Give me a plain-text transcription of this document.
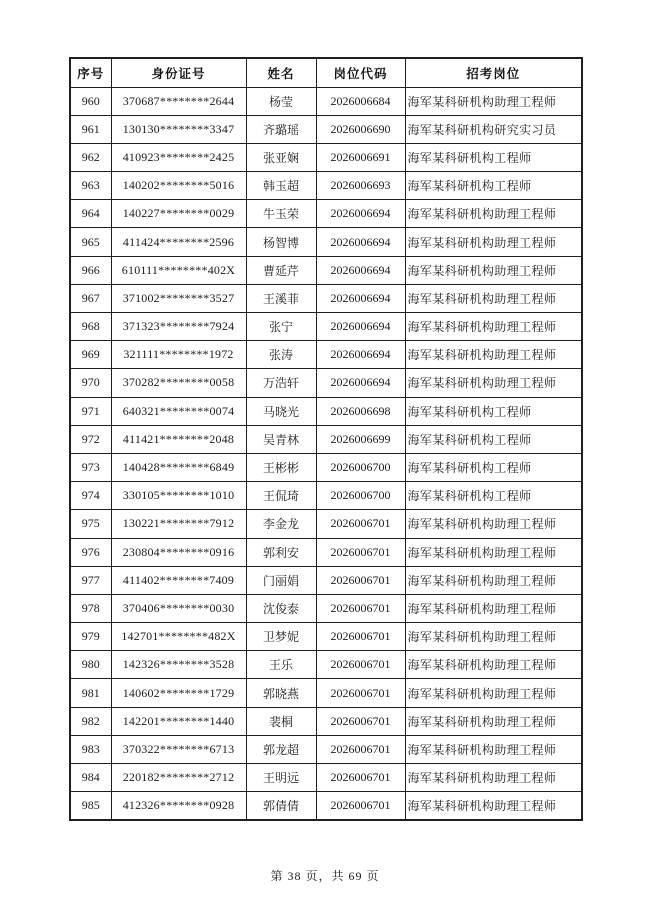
序号	身份证号	姓名	岗位代码	招考岗位
960	370687********2644	杨莹	2026006684	海军某科研机构助理工程师
961	130130********3347	齐璐瑶	2026006690	海军某科研机构研究实习员
962	410923********2425	张亚娴	2026006691	海军某科研机构工程师
963	140202********5016	韩玉超	2026006693	海军某科研机构工程师
964	140227********0029	牛玉荣	2026006694	海军某科研机构助理工程师
965	411424********2596	杨智博	2026006694	海军某科研机构助理工程师
966	610111********402X	曹延芹	2026006694	海军某科研机构助理工程师
967	371002********3527	王溪菲	2026006694	海军某科研机构助理工程师
968	371323********7924	张宁	2026006694	海军某科研机构助理工程师
969	321111********1972	张涛	2026006694	海军某科研机构助理工程师
970	370282********0058	万浩轩	2026006694	海军某科研机构助理工程师
971	640321********0074	马晓光	2026006698	海军某科研机构工程师
972	411421********2048	吴青林	2026006699	海军某科研机构工程师
973	140428********6849	王彬彬	2026006700	海军某科研机构工程师
974	330105********1010	王侃琦	2026006700	海军某科研机构工程师
975	130221********7912	李金龙	2026006701	海军某科研机构助理工程师
976	230804********0916	郭利安	2026006701	海军某科研机构助理工程师
977	411402********7409	门丽娟	2026006701	海军某科研机构助理工程师
978	370406********0030	沈俊泰	2026006701	海军某科研机构助理工程师
979	142701********482X	卫梦妮	2026006701	海军某科研机构助理工程师
980	142326********3528	王乐	2026006701	海军某科研机构助理工程师
981	140602********1729	郭晓燕	2026006701	海军某科研机构助理工程师
982	142201********1440	裴桐	2026006701	海军某科研机构助理工程师
983	370322********6713	郭龙超	2026006701	海军某科研机构助理工程师
984	220182********2712	王明远	2026006701	海军某科研机构助理工程师
985	412326********0928	郭倩倩	2026006701	海军某科研机构助理工程师
第 38 页，共 69 页
